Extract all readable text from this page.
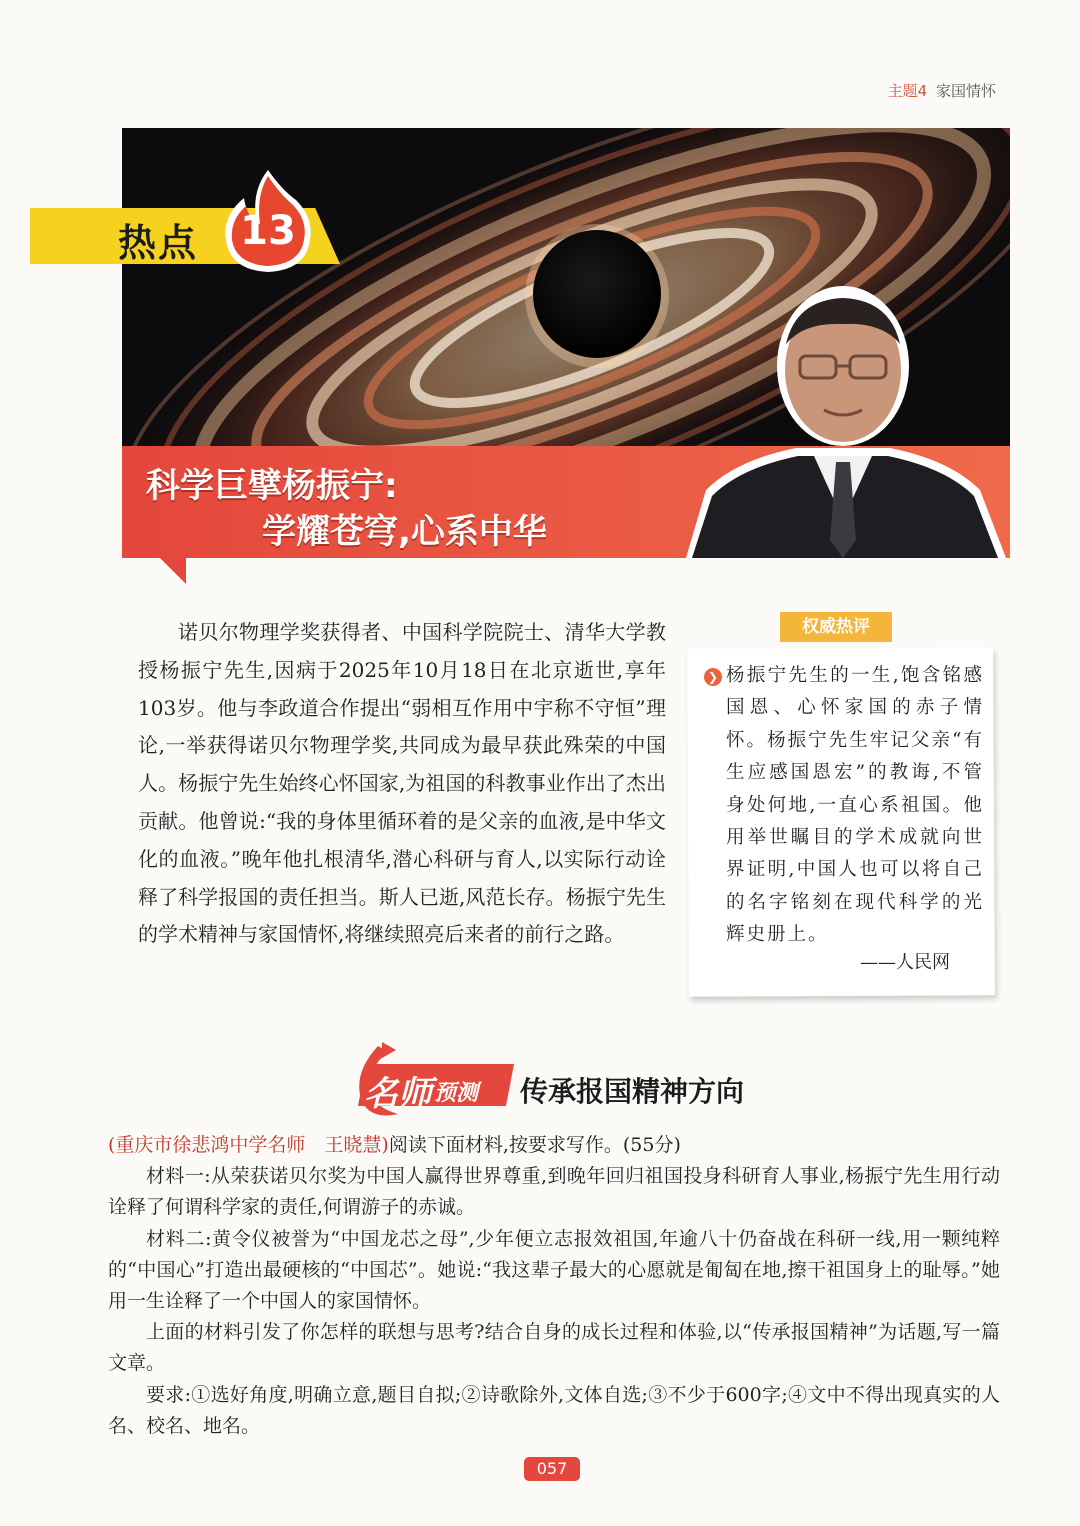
主题4 家国情怀
科学巨擘杨振宁:
学耀苍穹,心系中华
热点	13
诺贝尔物理学奖获得者、中国科学院院士、清华大学教授杨振宁先生,因病于2025年10月18日在北京逝世,享年103岁。他与李政道合作提出“弱相互作用中宇称不守恒”理论,一举获得诺贝尔物理学奖,共同成为最早获此殊荣的中国人。杨振宁先生始终心怀国家,为祖国的科教事业作出了杰出贡献。他曾说:“我的身体里循环着的是父亲的血液,是中华文化的血液。”晚年他扎根清华,潜心科研与育人,以实际行动诠释了科学报国的责任担当。斯人已逝,风范长存。杨振宁先生的学术精神与家国情怀,将继续照亮后来者的前行之路。
权威热评
❯ 杨振宁先生的一生,饱含铭感国恩、心怀家国的赤子情怀。杨振宁先生牢记父亲“有生应感国恩宏”的教诲,不管身处何地,一直心系祖国。他用举世瞩目的学术成就向世界证明,中国人也可以将自己的名字铭刻在现代科学的光辉史册上。
——人民网
名师 预测 传承报国精神方向

(重庆市徐悲鸿中学名师　王晓慧)阅读下面材料,按要求写作。(55分)

材料一:从荣获诺贝尔奖为中国人赢得世界尊重,到晚年回归祖国投身科研育人事业,杨振宁先生用行动诠释了何谓科学家的责任,何谓游子的赤诚。

材料二:黄令仪被誉为“中国龙芯之母”,少年便立志报效祖国,年逾八十仍奋战在科研一线,用一颗纯粹的“中国心”打造出最硬核的“中国芯”。她说:“我这辈子最大的心愿就是匍匐在地,擦干祖国身上的耻辱。”她用一生诠释了一个中国人的家国情怀。

上面的材料引发了你怎样的联想与思考?结合自身的成长过程和体验,以“传承报国精神”为话题,写一篇文章。

要求:①选好角度,明确立意,题目自拟;②诗歌除外,文体自选;③不少于600字;④文中不得出现真实的人名、校名、地名。

057
